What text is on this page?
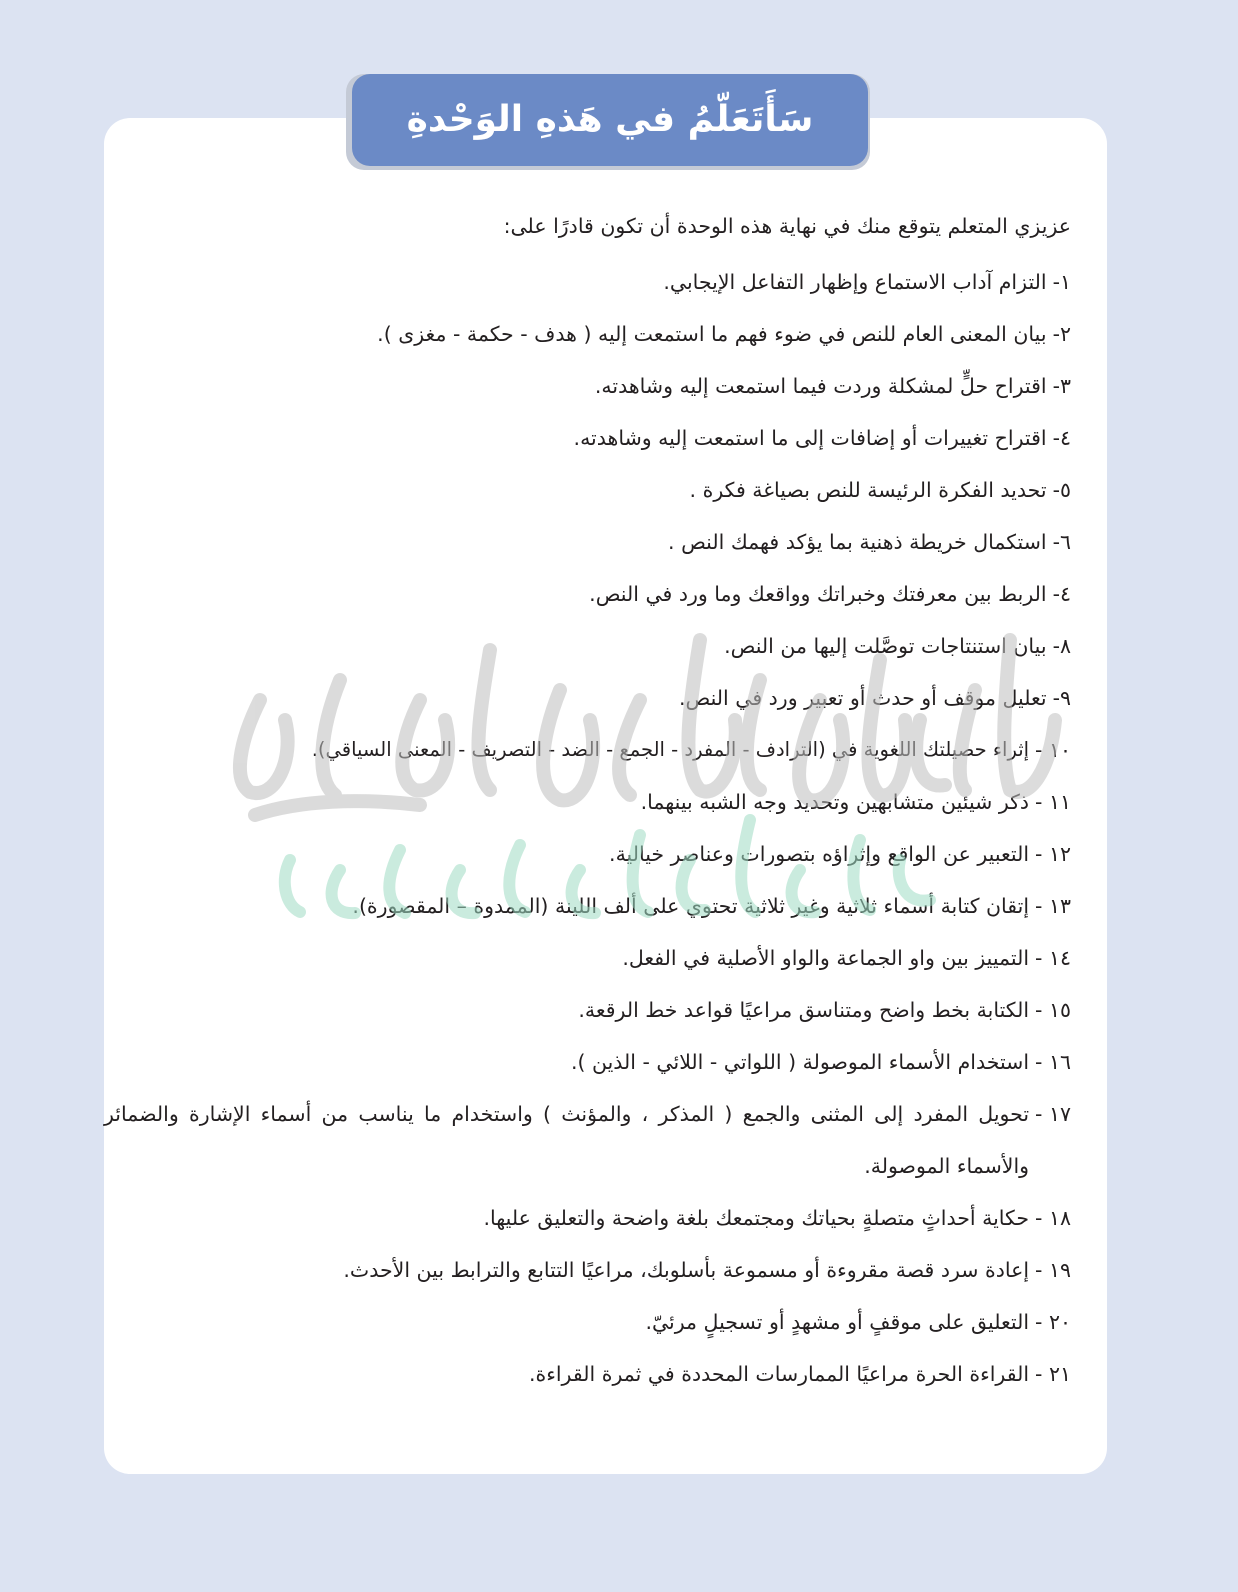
سَأَتَعَلّمُ في هَذهِ الوَحْدةِ
عزيزي المتعلم يتوقع منك في نهاية هذه الوحدة أن تكون قادرًا على:
١-
التزام آداب الاستماع وإظهار التفاعل الإيجابي.
٢-
بيان المعنى العام للنص في ضوء فهم ما استمعت إليه ( هدف - حكمة - مغزى ).
٣-
اقتراح حلٍّ لمشكلة وردت فيما استمعت إليه وشاهدته.
٤-
اقتراح تغييرات أو إضافات إلى ما استمعت إليه وشاهدته.
٥-
تحديد الفكرة الرئيسة للنص بصياغة فكرة .
٦-
استكمال خريطة ذهنية بما يؤكد فهمك النص .
٤-
الربط بين معرفتك وخبراتك وواقعك وما ورد في النص.
٨-
بيان استنتاجات توصَّلت إليها من النص.
٩-
تعليل موقف أو حدث أو تعبير ورد في النص.
١٠ -
إثراء حصيلتك اللغوية في (الترادف - المفرد - الجمع - الضد - التصريف - المعنى السياقي).
١١ -
ذكر شيئين متشابهين وتحديد وجه الشبه بينهما.
١٢ -
التعبير عن الواقع وإثراؤه بتصورات وعناصر خيالية.
١٣ -
إتقان كتابة أسماء ثلاثية وغير ثلاثية تحتوي على ألف اللينة (الممدوة – المقصورة).
١٤ -
التمييز بين واو الجماعة والواو الأصلية في الفعل.
١٥ -
الكتابة بخط واضح ومتناسق مراعيًا قواعد خط الرقعة.
١٦ -
استخدام الأسماء الموصولة ( اللواتي - اللائي - الذين ).
١٧ -
تحويل المفرد إلى المثنى والجمع ( المذكر ، والمؤنث ) واستخدام ما يناسب من أسماء الإشارة والضمائر والأسماء الموصولة.
١٨ -
حكاية أحداثٍ متصلةٍ بحياتك ومجتمعك بلغة واضحة والتعليق عليها.
١٩ -
إعادة سرد قصة مقروءة أو مسموعة بأسلوبك، مراعيًا التتابع والترابط بين الأحدث.
٢٠ -
التعليق على موقفٍ أو مشهدٍ أو تسجيلٍ مرئيّ.
٢١ -
القراءة الحرة مراعيًا الممارسات المحددة في ثمرة القراءة.
